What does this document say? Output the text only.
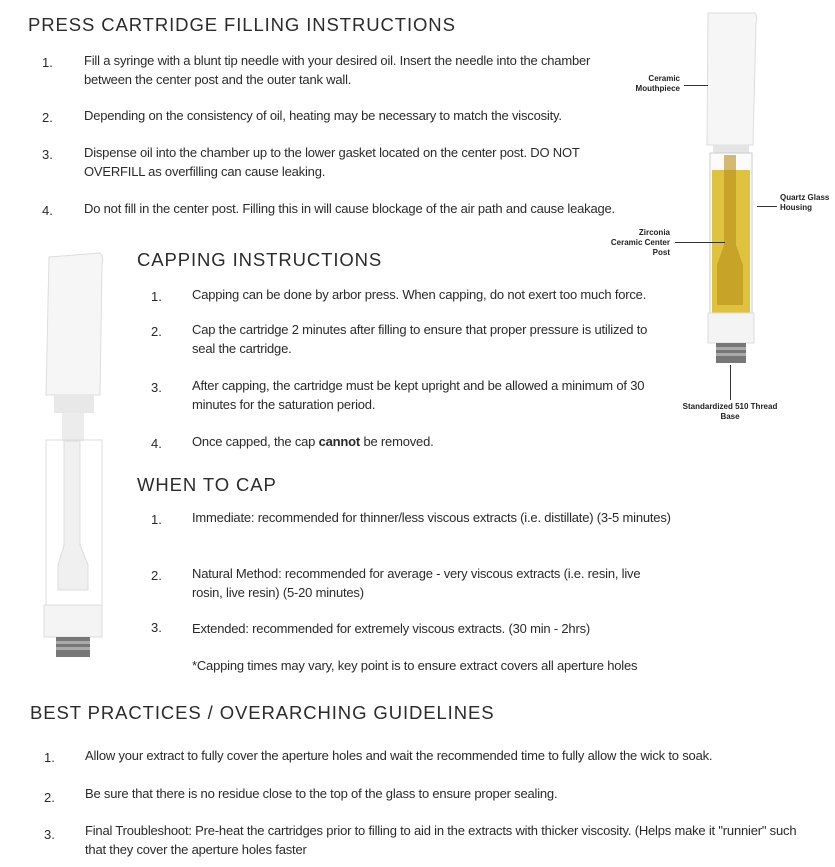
PRESS CARTRIDGE FILLING INSTRUCTIONS
1. Fill a syringe with a blunt tip needle with your desired oil. Insert the needle into the chamber between the center post and the outer tank wall.
2. Depending on the consistency of oil, heating may be necessary to match the viscosity.
3. Dispense oil into the chamber up to the lower gasket located on the center post. DO NOT OVERFILL as overfilling can cause leaking.
4. Do not fill in the center post. Filling this in will cause blockage of the air path and cause leakage.
CAPPING INSTRUCTIONS
1. Capping can be done by arbor press. When capping, do not exert too much force.
2. Cap the cartridge 2 minutes after filling to ensure that proper pressure is utilized to seal the cartridge.
3. After capping, the cartridge must be kept upright and be allowed a minimum of 30 minutes for the saturation period.
4. Once capped, the cap cannot be removed.
WHEN TO CAP
1. Immediate: recommended for thinner/less viscous extracts (i.e. distillate) (3-5 minutes)
2. Natural Method: recommended for average - very viscous extracts (i.e. resin, live rosin, live resin) (5-20 minutes)
3. Extended: recommended for extremely viscous extracts. (30 min - 2hrs)
*Capping times may vary, key point is to ensure extract covers all aperture holes
BEST PRACTICES / OVERARCHING GUIDELINES
1. Allow your extract to fully cover the aperture holes and wait the recommended time to fully allow the wick to soak.
2. Be sure that there is no residue close to the top of the glass to ensure proper sealing.
3. Final Troubleshoot: Pre-heat the cartridges prior to filling to aid in the extracts with thicker viscosity. (Helps make it "runnier" such that they cover the aperture holes faster
Ceramic Mouthpiece
Quartz Glass Housing
Zirconia Ceramic Center Post
Standardized 510 Thread Base
